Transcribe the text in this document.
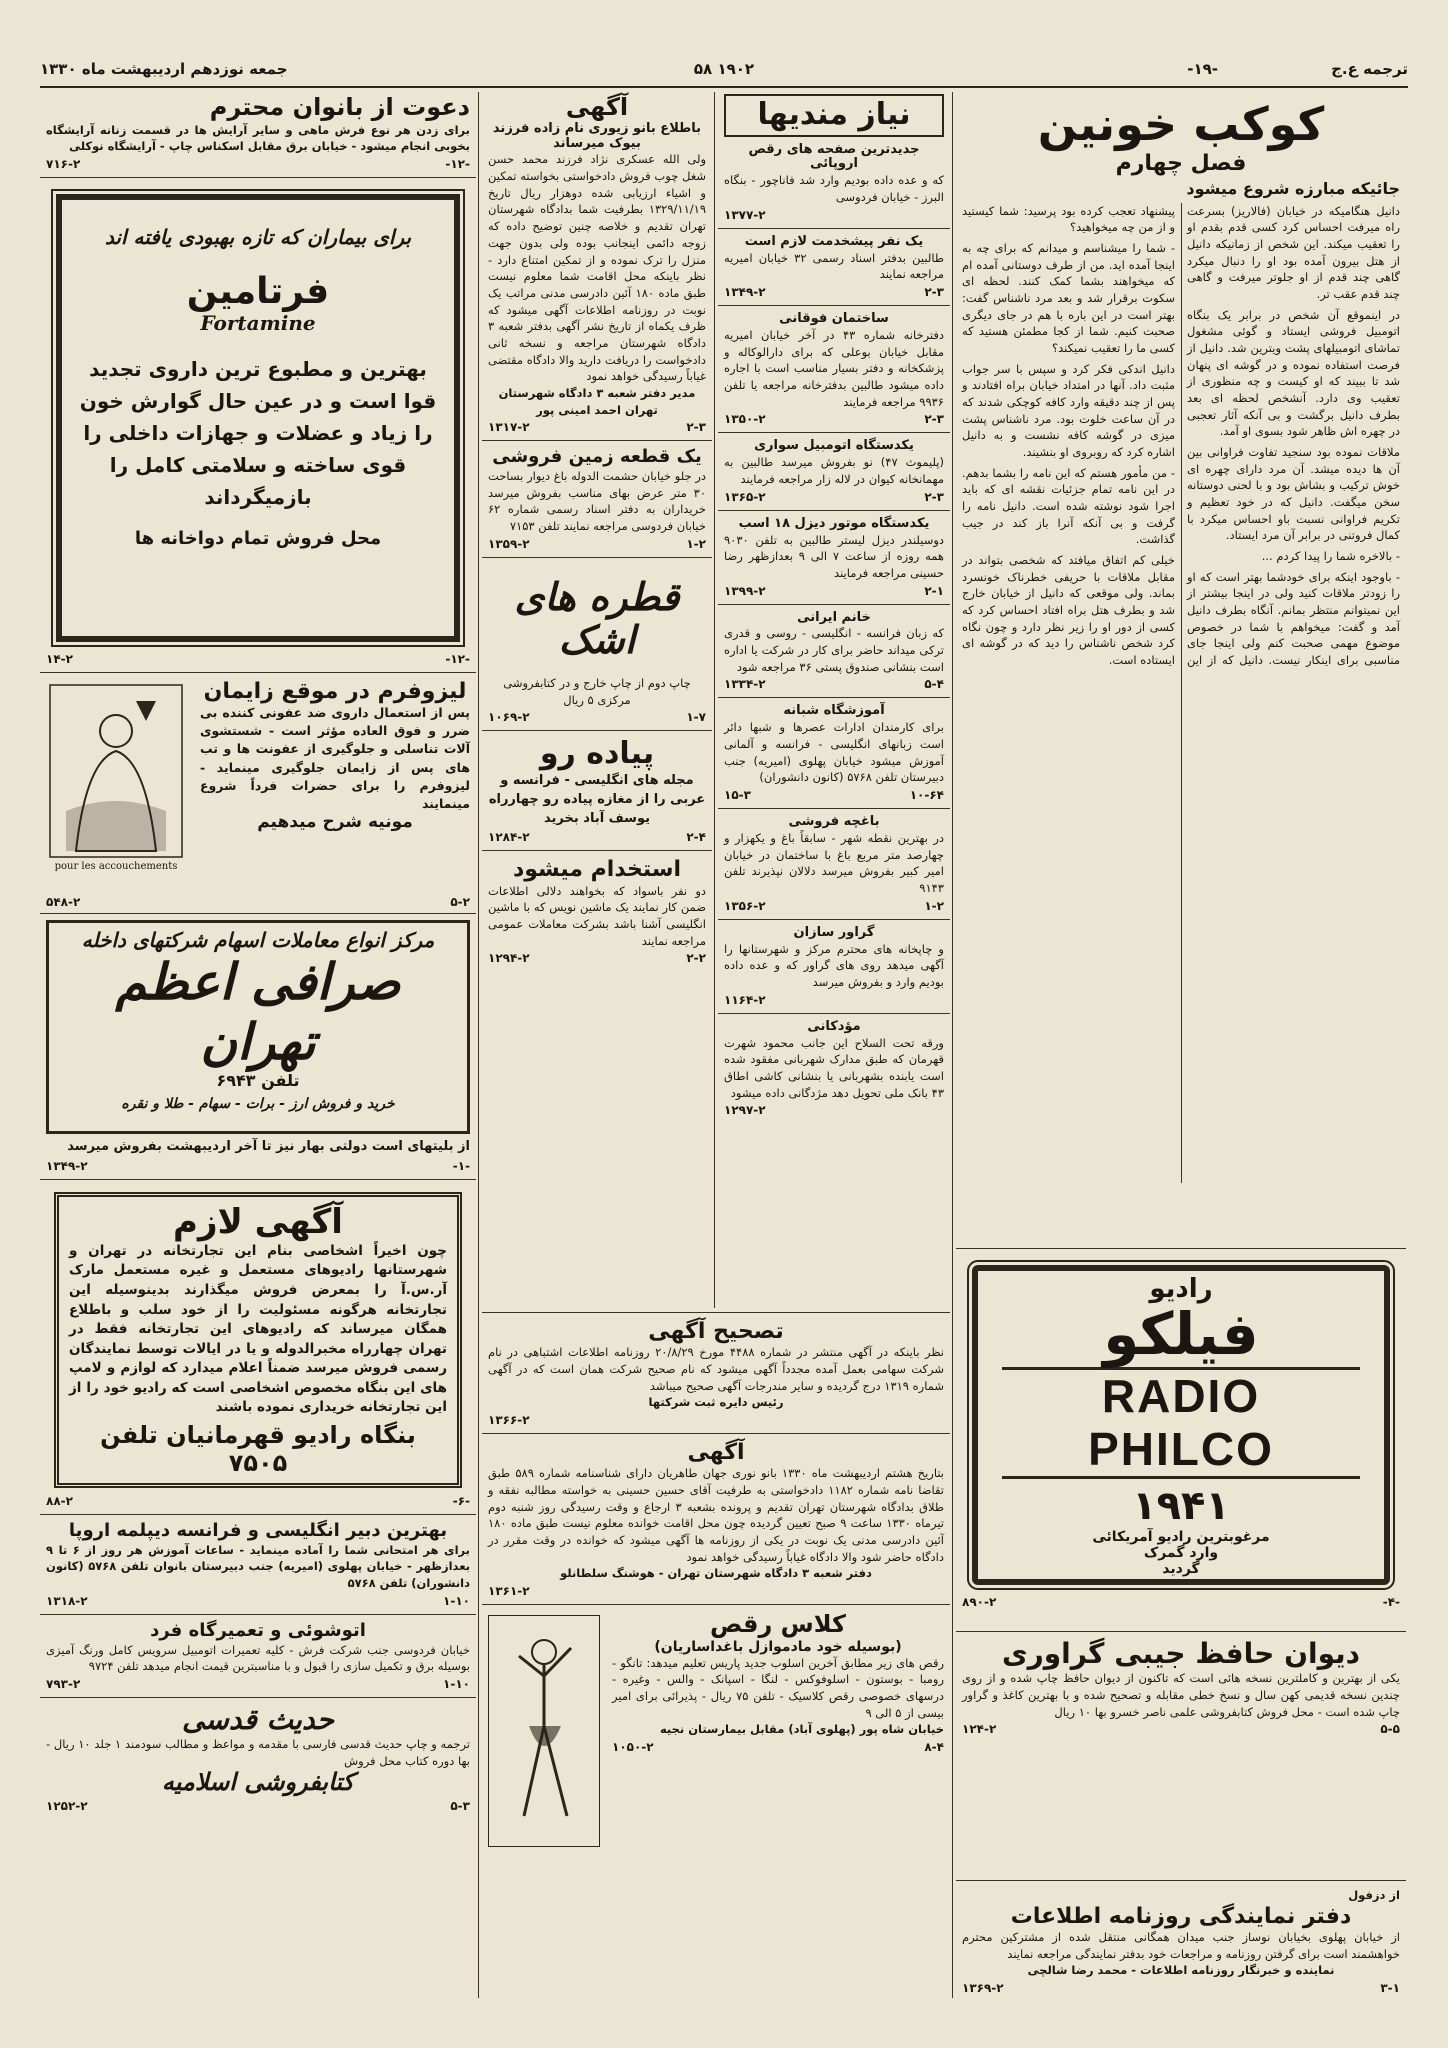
ترجمه ع.ج
-۱۹-
۱۹۰۲ ۵۸
جمعه نوزدهم اردیبهشت ماه ۱۳۳۰
کوکب خونین
فصل چهارم
جائیکه مبارزه شروع میشود

دانیل هنگامیکه در خیابان (فالاریز) بسرعت راه میرفت احساس کرد کسی قدم بقدم او را تعقیب میکند. این شخص از زمانیکه دانیل از هتل بیرون آمده بود او را دنبال میکرد گاهی چند قدم از او جلوتر میرفت و گاهی چند قدم عقب تر.

در اینموقع آن شخص در برابر یک بنگاه اتومبیل فروشی ایستاد و گوئی مشغول تماشای اتومبیلهای پشت ویترین شد. دانیل از فرصت استفاده نموده و در گوشه ای پنهان شد تا ببیند که او کیست و چه منظوری از تعقیب وی دارد. آنشخص لحظه ای بعد بطرف دانیل برگشت و بی آنکه آثار تعجبی در چهره اش ظاهر شود بسوی او آمد.

ملاقات نموده بود سنجید تفاوت فراوانی بین آن ها دیده میشد. آن مرد دارای چهره ای خوش ترکیب و بشاش بود و با لحنی دوستانه سخن میگفت. دانیل که در خود تعظیم و تکریم فراوانی نسبت باو احساس میکرد با کمال فروتنی در برابر آن مرد ایستاد.

- بالاخره شما را پیدا کردم ...

- باوجود اینکه برای خودشما بهتر است که او را زودتر ملاقات کنید ولی در اینجا بیشتر از این نمیتوانم منتظر بمانم. آنگاه بطرف دانیل آمد و گفت: میخواهم با شما در خصوص موضوع مهمی صحبت کنم ولی اینجا جای مناسبی برای اینکار نیست. دانیل که از این پیشنهاد تعجب کرده بود پرسید: شما کیستید و از من چه میخواهید؟

- شما را میشناسم و میدانم که برای چه به اینجا آمده اید. من از طرف دوستانی آمده ام که میخواهند بشما کمک کنند. لحظه ای سکوت برقرار شد و بعد مرد ناشناس گفت: بهتر است در این باره با هم در جای دیگری صحبت کنیم. شما از کجا مطمئن هستید که کسی ما را تعقیب نمیکند؟

دانیل اندکی فکر کرد و سپس با سر جواب مثبت داد. آنها در امتداد خیابان براه افتادند و پس از چند دقیقه وارد کافه کوچکی شدند که در آن ساعت خلوت بود. مرد ناشناس پشت میزی در گوشه کافه نشست و به دانیل اشاره کرد که روبروی او بنشیند.

- من مأمور هستم که این نامه را بشما بدهم. در این نامه تمام جزئیات نقشه ای که باید اجرا شود نوشته شده است. دانیل نامه را گرفت و بی آنکه آنرا باز کند در جیب گذاشت.

خیلی کم اتفاق میافتد که شخصی بتواند در مقابل ملاقات با حریفی خطرناک خونسرد بماند. ولی موقعی که دانیل از خیابان خارج شد و بطرف هتل براه افتاد احساس کرد که کسی از دور او را زیر نظر دارد و چون نگاه کرد شخص ناشناس را دید که در گوشه ای ایستاده است.

رادیو
فیلکو
RADIO PHILCO
۱۹۴۱
مرغوبترین رادیو آمریکائی
وارد گمرک
گردید
-۴-
۸۹۰-۲
دیوان حافظ جیبی گراوری
یکی از بهترین و کاملترین نسخه هائی است که تاکنون از دیوان حافظ چاپ شده و از روی چندین نسخه قدیمی کهن سال و نسخ خطی مقابله و تصحیح شده و با بهترین کاغذ و گراور چاپ شده است - محل فروش کتابفروشی علمی ناصر خسرو بها ۱۰ ریال
۵-۵
۱۲۴-۲
نیاز مندیها
جدیدترین صفحه های رقص اروپائی
که و عده داده بودیم وارد شد فاناچور - بنگاه البرز - خیابان فردوسی
۱۳۷۷-۲
یک نفر پیشخدمت لازم است
طالبین بدفتر اسناد رسمی ۳۲ خیابان امیریه مراجعه نمایند
۲-۳
۱۳۴۹-۲
ساختمان فوقانی
دفترخانه شماره ۴۳ در آخر خیابان امیریه مقابل خیابان بوعلی که برای دارالوکاله و پزشکخانه و دفتر بسیار مناسب است با اجاره داده میشود طالبین بدفترخانه مراجعه یا تلفن ۹۹۳۶ مراجعه فرمایند
۲-۳
۱۳۵۰-۲
یکدستگاه اتومبیل سواری
(پلیموث ۴۷) نو بفروش میرسد طالبین به مهمانخانه کیوان در لاله زار مراجعه فرمایند
۲-۳
۱۳۶۵-۲
یکدستگاه موتور دیزل ۱۸ اسب
دوسیلندر دیزل لیستر طالبین به تلفن ۹۰۳۰ همه روزه از ساعت ۷ الی ۹ بعدازظهر رضا حسینی مراجعه فرمایند
۲-۱
۱۳۹۹-۲
خانم ایرانی
که زبان فرانسه - انگلیسی - روسی و قدری ترکی میداند حاضر برای کار در شرکت یا اداره است بنشانی صندوق پستی ۳۶ مراجعه شود
۵-۴
۱۳۳۴-۲
آموزشگاه شبانه
برای کارمندان ادارات عصرها و شبها دائر است زبانهای انگلیسی - فرانسه و آلمانی آموزش میشود خیابان پهلوی (امیریه) جنب دبیرستان تلفن ۵۷۶۸ (کانون دانشوران)
۱۰-۶۴
۱۵-۳
باغچه فروشی
در بهترین نقطه شهر - سابقاً باغ و یکهزار و چهارصد متر مربع باغ با ساختمان در خیابان امیر کبیر بفروش میرسد دلالان نپذیرند تلفن ۹۱۴۳
۱-۲
۱۳۵۶-۲
گراور سازان
و چاپخانه های محترم مرکز و شهرستانها را آگهی میدهد روی های گراور که و عده داده بودیم وارد و بفروش میرسد
۱۱۶۴-۲
مؤدکانی
ورقه تحت السلاح این جانب محمود شهرت قهرمان که طبق مدارک شهربانی مفقود شده است یابنده بشهربانی یا بنشانی کاشی اطاق ۴۳ بانک ملی تحویل دهد مژدگانی داده میشود
۱۲۹۷-۲
آگهی
باطلاع بانو زیوری نام زاده فرزند بیوک میرساند
ولی الله عسکری نژاد فرزند محمد حسن شغل چوب فروش دادخواستی بخواسته تمکین و اشیاء ارزیابی شده دوهزار ریال تاریخ ۱۳۲۹/۱۱/۱۹ بطرفیت شما بدادگاه شهرستان تهران تقدیم و خلاصه چنین توضیح داده که زوجه دائمی اینجانب بوده ولی بدون جهت منزل را ترک نموده و از تمکین امتناع دارد - نظر باینکه محل اقامت شما معلوم نیست طبق ماده ۱۸۰ آئین دادرسی مدنی مراتب یک نوبت در روزنامه اطلاعات آگهی میشود که ظرف یکماه از تاریخ نشر آگهی بدفتر شعبه ۳ دادگاه شهرستان مراجعه و نسخه ثانی دادخواست را دریافت دارید والا دادگاه مقتضی غیاباً رسیدگی خواهد نمود
مدیر دفتر شعبه ۳ دادگاه شهرستان تهران احمد امینی پور
۲-۳
۱۳۱۷-۲
یک قطعه زمین فروشی
در جلو خیابان حشمت الدوله باغ دیوار بساحت ۳۰ متر عرض بهای مناسب بفروش میرسد خریداران به دفتر اسناد رسمی شماره ۶۲ خیابان فردوسی مراجعه نمایند تلفن ۷۱۵۳
۱-۲
۱۳۵۹-۲
قطره های اشک
چاپ دوم از چاپ خارج و در کتابفروشی مرکزی ۵ ریال
۱-۷
۱۰۶۹-۲
پیاده رو
مجله های انگلیسی - فرانسه و عربی را از مغازه پیاده رو چهارراه یوسف آباد بخرید
۲-۴
۱۲۸۴-۲
استخدام میشود
دو نفر باسواد که بخواهند دلالی اطلاعات ضمن کار نمایند یک ماشین نویس که با ماشین انگلیسی آشنا باشد بشرکت معاملات عمومی مراجعه نمایند
۲-۲
۱۲۹۴-۲
تصحیح آگهی
نظر باینکه در آگهی منتشر در شماره ۴۴۸۸ مورخ ۲۰/۸/۲۹ روزنامه اطلاعات اشتباهی در نام شرکت سهامی بعمل آمده مجدداً آگهی میشود که نام صحیح شرکت همان است که در آگهی شماره ۱۳۱۹ درج گردیده و سایر مندرجات آگهی صحیح میباشد
رئیس دایره ثبت شرکتها
۱۳۶۶-۲
آگهی
بتاریخ هشتم اردیبهشت ماه ۱۳۳۰ بانو نوری جهان طاهریان دارای شناسنامه شماره ۵۸۹ طبق تقاضا نامه شماره ۱۱۸۲ دادخواستی به طرفیت آقای حسین حسینی به خواسته مطالبه نفقه و طلاق بدادگاه شهرستان تهران تقدیم و پرونده بشعبه ۳ ارجاع و وقت رسیدگی روز شنبه دوم تیرماه ۱۳۳۰ ساعت ۹ صبح تعیین گردیده چون محل اقامت خوانده معلوم نیست طبق ماده ۱۸۰ آئین دادرسی مدنی یک نوبت در یکی از روزنامه ها آگهی میشود که خوانده در وقت مقرر در دادگاه حاضر شود والا دادگاه غیاباً رسیدگی خواهد نمود
دفتر شعبه ۳ دادگاه شهرستان تهران - هوشنگ سلطانلو
۱۳۶۱-۲
کلاس رقص
(بوسیله خود مادموازل باغداساریان)
رقص های زیر مطابق آخرین اسلوب جدید پاریس تعلیم میدهد: تانگو - رومبا - بوستون - اسلوفوکس - لنگا - اسپانک - والس - وغیره - درسهای خصوصی رقص کلاسیک - تلفن ۷۵ ریال - پذیرائی برای امیر بیسی از ۵ الی ۹
خیابان شاه پور (پهلوی آباد) مقابل بیمارستان نجیه
۸-۴
۱۰۵۰-۲
از دزفول
دفتر نمایندگی روزنامه اطلاعات
از خیابان پهلوی بخیابان نوساز جنب میدان همگانی منتقل شده از مشترکین محترم خواهشمند است برای گرفتن روزنامه و مراجعات خود بدفتر نمایندگی مراجعه نمایند
نماینده و خبرنگار روزنامه اطلاعات - محمد رضا شالچی
۳-۱
۱۳۶۹-۲
دعوت از بانوان محترم
برای زدن هر نوع فرش ماهی و سایر آرایش ها در قسمت زنانه آرایشگاه بخوبی انجام میشود - خیابان برق مقابل اسکناس چاپ - آرایشگاه نوکلی
-۱۲-
۷۱۶-۲
برای بیماران که تازه بهبودی یافته اند
فرتامین
Fortamine
بهترین و مطبوع ترین داروی تجدید قوا است و در عین حال گوارش خون را زیاد و عضلات و جهازات داخلی را قوی ساخته و سلامتی کامل را بازمیگرداند
محل فروش تمام دواخانه ها
-۱۲-
۱۴-۲
pour les accouchements
لیزوفرم در موقع زایمان
پس از استعمال داروی ضد عفونی کننده بی ضرر و فوق العاده مؤثر است - شستشوی آلات تناسلی و جلوگیری از عفونت ها و تب های پس از زایمان جلوگیری مینماید - لیزوفرم را برای حضرات فرداً شروع مینمایند
مونیه شرح میدهیم
۵-۲
۵۴۸-۲
مرکز انواع معاملات اسهام شرکتهای داخله
صرافی اعظم تهران
تلفن ۶۹۴۳
خرید و فروش ارز - برات - سهام - طلا و نقره
از بلیتهای است دولتی بهار نیز تا آخر اردیبهشت بفروش میرسد
-۱-
۱۳۴۹-۲
آگهی لازم
چون اخیراً اشخاصی بنام این تجارتخانه در تهران و شهرستانها رادیوهای مستعمل و غیره مستعمل مارک آر.س.آ را بمعرض فروش میگذارند بدینوسیله این تجارتخانه هرگونه مسئولیت را از خود سلب و باطلاع همگان میرساند که رادیوهای این تجارتخانه فقط در تهران چهارراه مخبرالدوله و یا در ایالات توسط نمایندگان رسمی فروش میرسد ضمناً اعلام میدارد که لوازم و لامپ های این بنگاه مخصوص اشخاصی است که رادیو خود را از این تجارتخانه خریداری نموده باشند
بنگاه رادیو قهرمانیان تلفن ۷۵۰۵
-۶-
۸۸-۲
بهترین دبیر انگلیسی و فرانسه دیپلمه اروپا
برای هر امتحانی شما را آماده مینماید - ساعات آموزش هر روز از ۶ تا ۹ بعدازظهر - خیابان پهلوی (امیریه) جنب دبیرستان بانوان تلفن ۵۷۶۸ (کانون دانشوران) تلفن ۵۷۶۸
۱-۱۰
۱۳۱۸-۲
اتوشوئی و تعمیرگاه فرد
خیابان فردوسی جنب شرکت فرش - کلیه تعمیرات اتومبیل سرویس کامل ورنگ آمیزی بوسیله برق و تکمیل سازی را قبول و با مناسبترین قیمت انجام میدهد تلفن ۹۷۲۴
۱-۱۰
۷۹۳-۲
حدیث قدسی
ترجمه و چاپ حدیث قدسی فارسی با مقدمه و مواعظ و مطالب سودمند ۱ جلد ۱۰ ریال - بها دوره کتاب محل فروش
کتابفروشی اسلامیه
۵-۳
۱۲۵۲-۲
